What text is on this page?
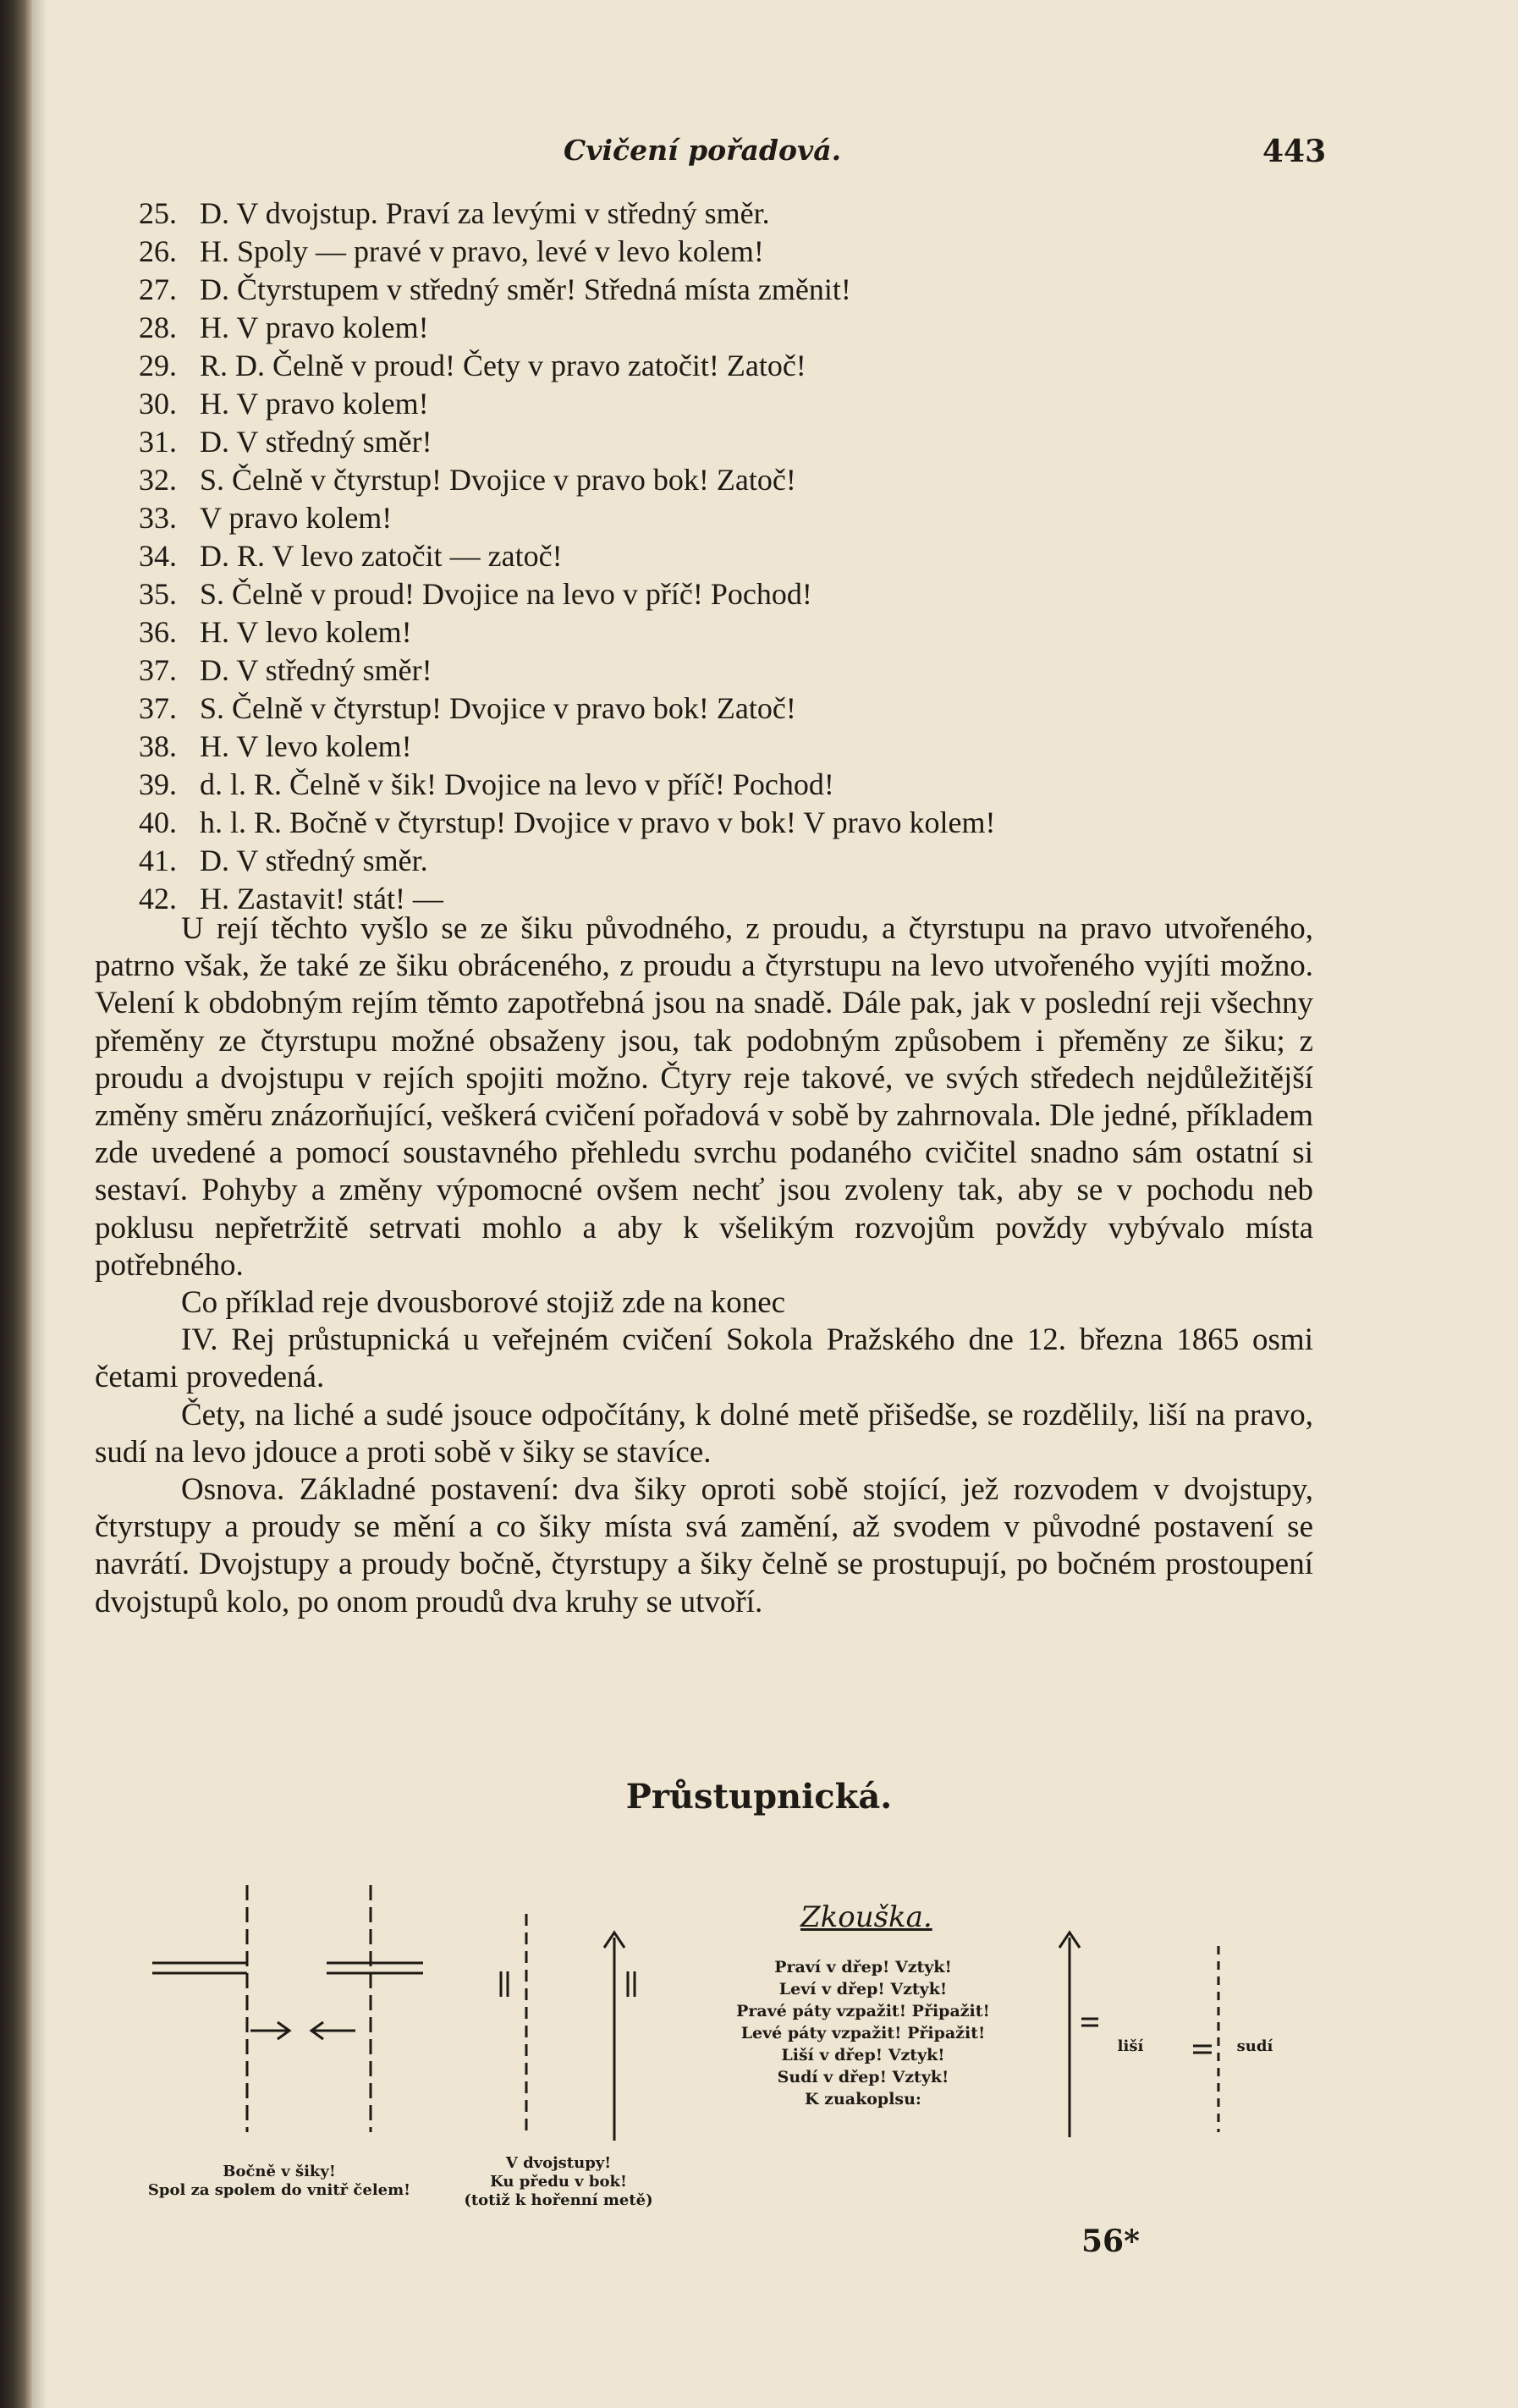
Cvičení pořadová.	443
25. D. V dvojstup. Praví za levými v středný směr.
26. H. Spoly — pravé v pravo, levé v levo kolem!
27. D. Čtyrstupem v středný směr! Středná místa změnit!
28. H. V pravo kolem!
29. R. D. Čelně v proud! Čety v pravo zatočit! Zatoč!
30. H. V pravo kolem!
31. D. V středný směr!
32. S. Čelně v čtyrstup! Dvojice v pravo bok! Zatoč!
33. V pravo kolem!
34. D. R. V levo zatočit — zatoč!
35. S. Čelně v proud! Dvojice na levo v příč! Pochod!
36. H. V levo kolem!
37. D. V středný směr!
37. S. Čelně v čtyrstup! Dvojice v pravo bok! Zatoč!
38. H. V levo kolem!
39. d. l. R. Čelně v šik! Dvojice na levo v příč! Pochod!
40. h. l. R. Bočně v čtyrstup! Dvojice v pravo v bok! V pravo kolem!
41. D. V středný směr.
42. H. Zastavit! stát! —

U rejí těchto vyšlo se ze šiku původného, z proudu, a čtyrstupu na pravo utvořeného, patrno však, že také ze šiku obráceného, z proudu a čtyrstupu na levo utvořeného vyjíti možno. Velení k obdobným rejím těmto zapotřebná jsou na snadě. Dále pak, jak v poslední reji všechny přeměny ze čtyrstupu možné obsaženy jsou, tak podobným způsobem i přeměny ze šiku; z proudu a dvojstupu v rejích spojiti možno. Čtyry reje takové, ve svých středech nejdůležitější změny směru znázorňující, veškerá cvičení pořadová v sobě by zahrnovala. Dle jedné, příkladem zde uvedené a pomocí soustavného přehledu svrchu podaného cvičitel snadno sám ostatní si sestaví. Pohyby a změny výpomocné ovšem nechť jsou zvoleny tak, aby se v pochodu neb poklusu nepřetržitě setrvati mohlo a aby k všelikým rozvojům povždy vybývalo místa potřebného.

Co příklad reje dvousborové stojiž zde na konec

IV. Rej průstupnická u veřejném cvičení Sokola Pražského dne 12. března 1865 osmi četami provedená.

Čety, na liché a sudé jsouce odpočítány, k dolné metě přišedše, se rozdělily, liší na pravo, sudí na levo jdouce a proti sobě v šiky se stavíce.

Osnova. Základné postavení: dva šiky oproti sobě stojící, jež rozvodem v dvojstupy, čtyrstupy a proudy se mění a co šiky místa svá zamění, až svodem v původné postavení se navrátí. Dvojstupy a proudy bočně, čtyrstupy a šiky čelně se prostupují, po bočném prostoupení dvojstupů kolo, po onom proudů dva kruhy se utvoří.

Průstupnická.
Bočně v šiky!
Spol za spolem do vnitř čelem!
V dvojstupy!
Ku předu v bok!
(totiž k hořenní metě)
Zkouška.
Praví v dřep! Vztyk!
Leví v dřep! Vztyk!
Pravé páty vzpažit! Připažit!
Levé páty vzpažit! Připažit!
Liší v dřep! Vztyk!
Sudí v dřep! Vztyk!
K zuakoplsu:
liší	sudí
56*
